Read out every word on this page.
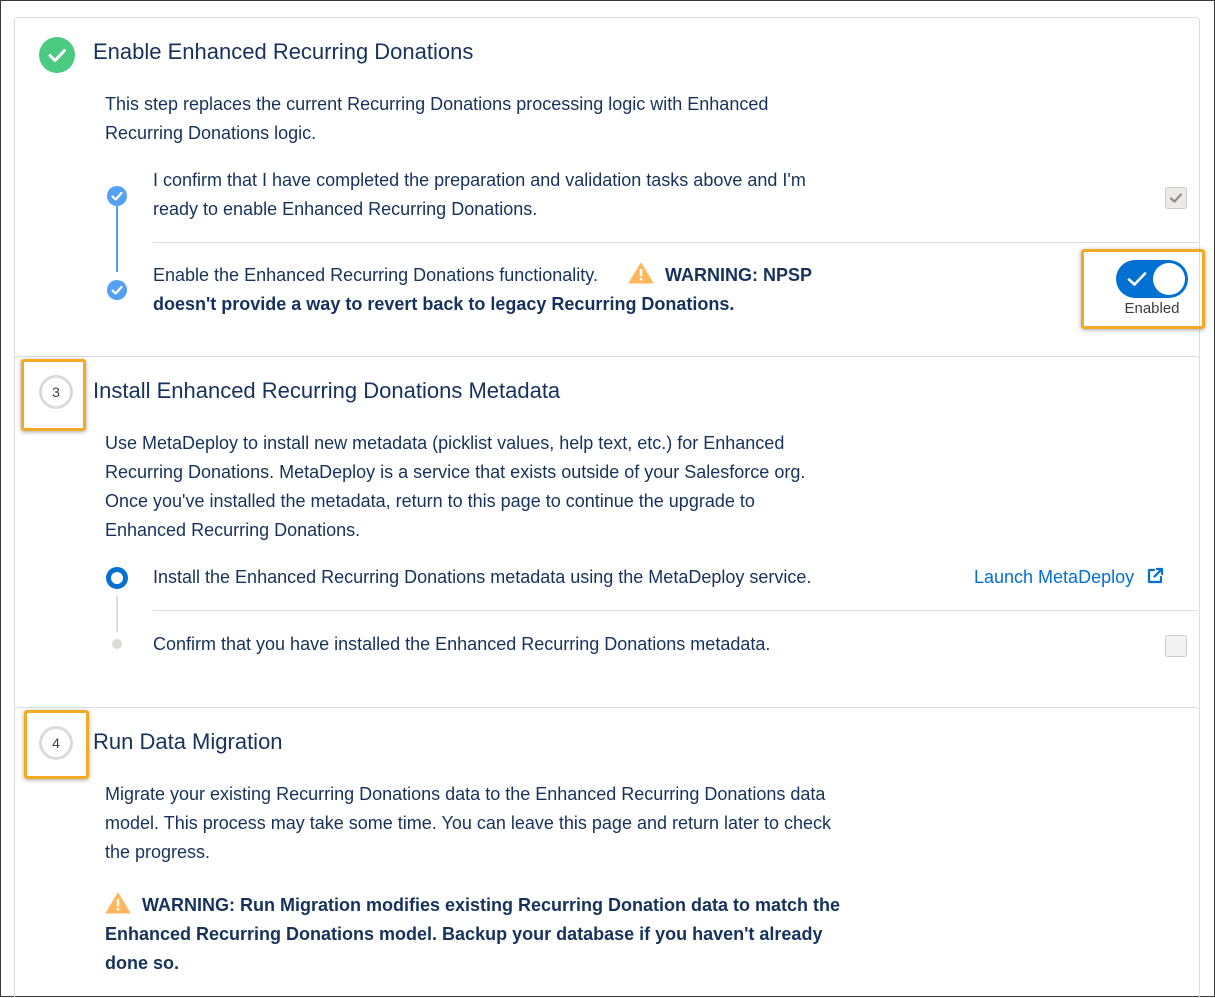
Enable Enhanced Recurring Donations
This step replaces the current Recurring Donations processing logic with Enhanced
Recurring Donations logic.
I confirm that I have completed the preparation and validation tasks above and I'm
ready to enable Enhanced Recurring Donations.
Enable the Enhanced Recurring Donations functionality.	WARNING: NPSP
doesn't provide a way to revert back to legacy Recurring Donations.	Enabled
3	Install Enhanced Recurring Donations Metadata
Use MetaDeploy to install new metadata (picklist values, help text, etc.) for Enhanced
Recurring Donations. MetaDeploy is a service that exists outside of your Salesforce org.
Once you've installed the metadata, return to this page to continue the upgrade to
Enhanced Recurring Donations.
Install the Enhanced Recurring Donations metadata using the MetaDeploy service.	Launch MetaDeploy
Confirm that you have installed the Enhanced Recurring Donations metadata.
4	Run Data Migration
Migrate your existing Recurring Donations data to the Enhanced Recurring Donations data
model. This process may take some time. You can leave this page and return later to check
the progress.
WARNING: Run Migration modifies existing Recurring Donation data to match the
Enhanced Recurring Donations model. Backup your database if you haven't already
done so.
